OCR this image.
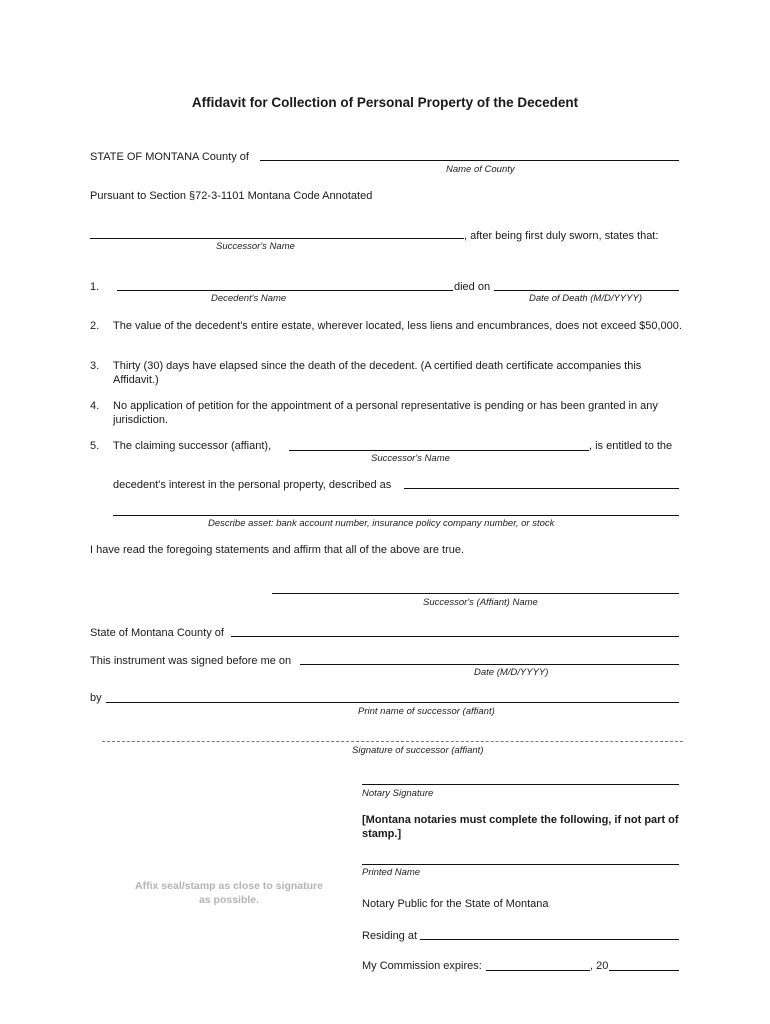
Affidavit for Collection of Personal Property of the Decedent
STATE OF MONTANA County of
Name of County
Pursuant to Section §72-3-1101 Montana Code Annotated
, after being first duly sworn, states that:
Successor's Name
1.	died on
Decedent's Name	Date of Death (M/D/YYYY)
2. The value of the decedent's entire estate, wherever located, less liens and encumbrances, does not exceed $50,000.
3. Thirty (30) days have elapsed since the death of the decedent. (A certified death certificate accompanies this Affidavit.)
4. No application of petition for the appointment of a personal representative is pending or has been granted in any jurisdiction.
5. The claiming successor (affiant),	, is entitled to the
Successor's Name
decedent's interest in the personal property, described as
Describe asset: bank account number, insurance policy company number, or stock
I have read the foregoing statements and affirm that all of the above are true.
Successor's (Affiant) Name
State of Montana County of
This instrument was signed before me on
Date (M/D/YYYY)
by
Print name of successor (affiant)
Signature of successor (affiant)
Notary Signature
[Montana notaries must complete the following, if not part of stamp.]
Printed Name
Affix seal/stamp as close to signature as possible.	Notary Public for the State of Montana
Residing at
My Commission expires:	, 20
